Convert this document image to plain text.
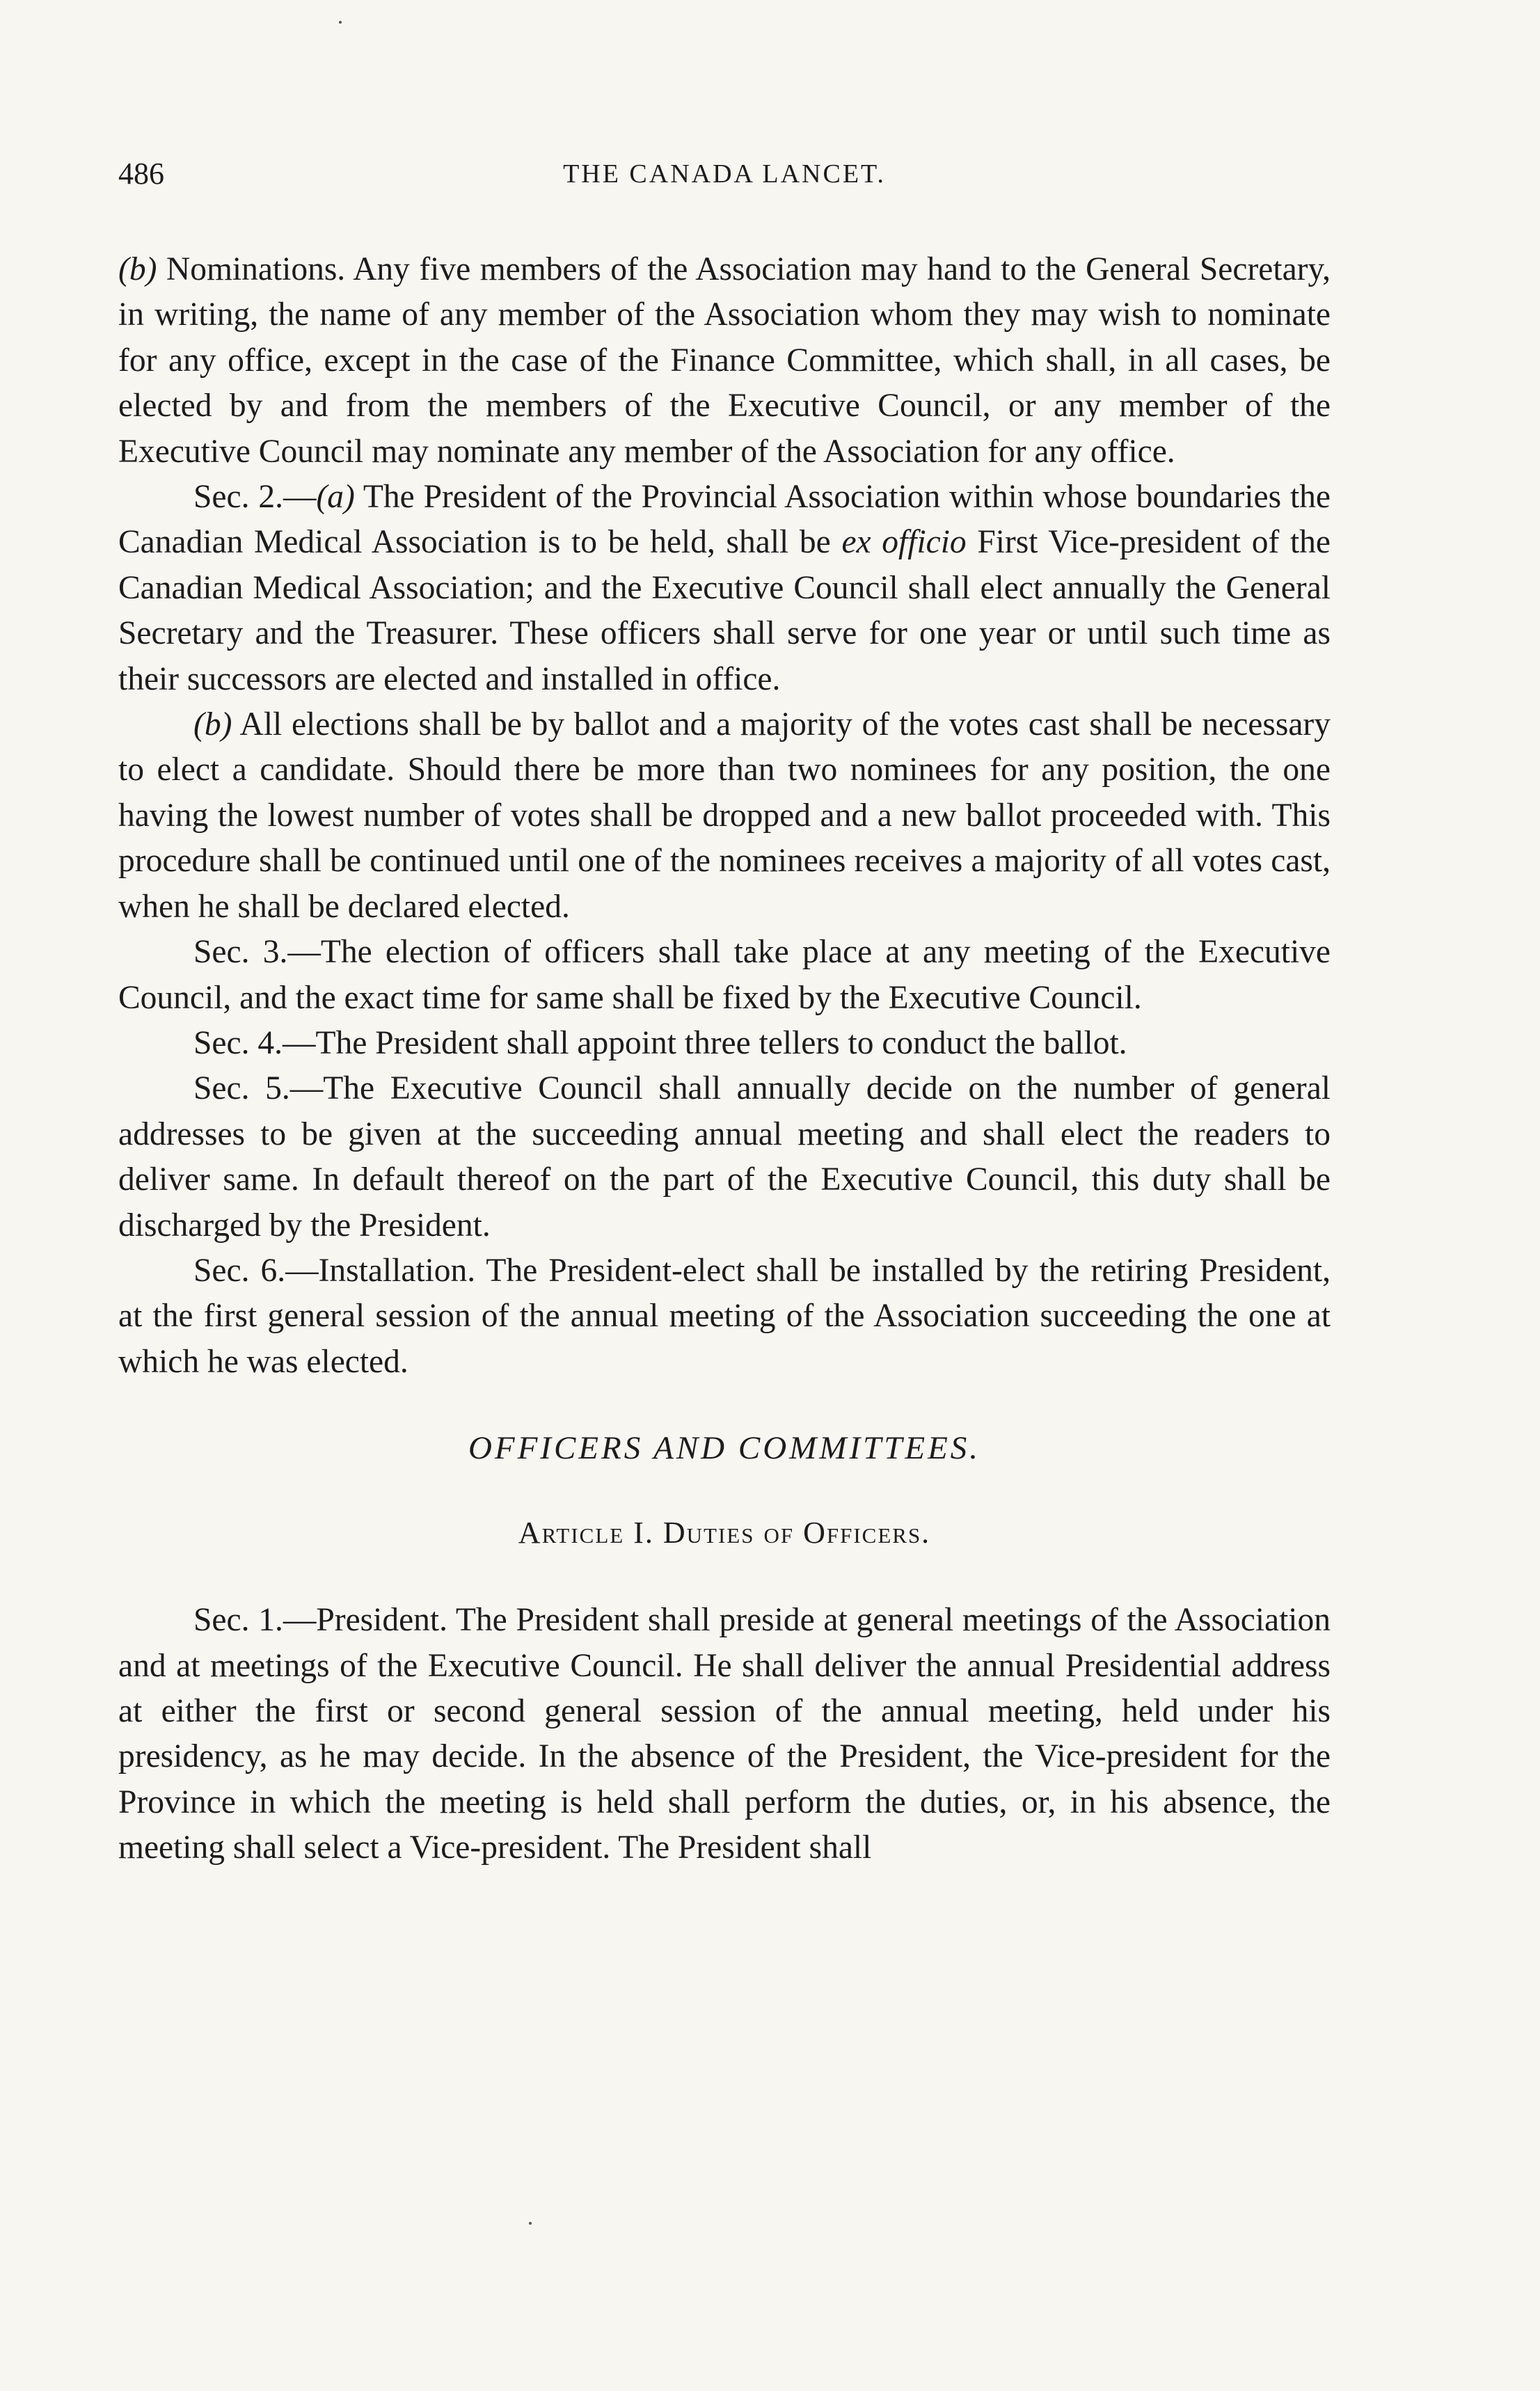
486	THE CANADA LANCET.

(b) Nominations. Any five members of the Association may hand to the General Secretary, in writing, the name of any member of the Association whom they may wish to nominate for any office, except in the case of the Finance Committee, which shall, in all cases, be elected by and from the members of the Executive Council, or any member of the Executive Council may nominate any member of the Association for any office.

Sec. 2.—(a) The President of the Provincial Association within whose boundaries the Canadian Medical Association is to be held, shall be ex officio First Vice-president of the Canadian Medical Association; and the Executive Council shall elect annually the General Secretary and the Treasurer. These officers shall serve for one year or until such time as their successors are elected and installed in office.

(b) All elections shall be by ballot and a majority of the votes cast shall be necessary to elect a candidate. Should there be more than two nominees for any position, the one having the lowest number of votes shall be dropped and a new ballot proceeded with. This procedure shall be continued until one of the nominees receives a majority of all votes cast, when he shall be declared elected.

Sec. 3.—The election of officers shall take place at any meeting of the Executive Council, and the exact time for same shall be fixed by the Executive Council.

Sec. 4.—The President shall appoint three tellers to conduct the ballot.

Sec. 5.—The Executive Council shall annually decide on the number of general addresses to be given at the succeeding annual meeting and shall elect the readers to deliver same. In default thereof on the part of the Executive Council, this duty shall be discharged by the President.

Sec. 6.—Installation. The President-elect shall be installed by the retiring President, at the first general session of the annual meeting of the Association succeeding the one at which he was elected.

OFFICERS AND COMMITTEES.
Article I. Duties of Officers.

Sec. 1.—President. The President shall preside at general meetings of the Association and at meetings of the Executive Council. He shall deliver the annual Presidential address at either the first or second general session of the annual meeting, held under his presidency, as he may decide. In the absence of the President, the Vice-president for the Province in which the meeting is held shall perform the duties, or, in his absence, the meeting shall select a Vice-president. The President shall
